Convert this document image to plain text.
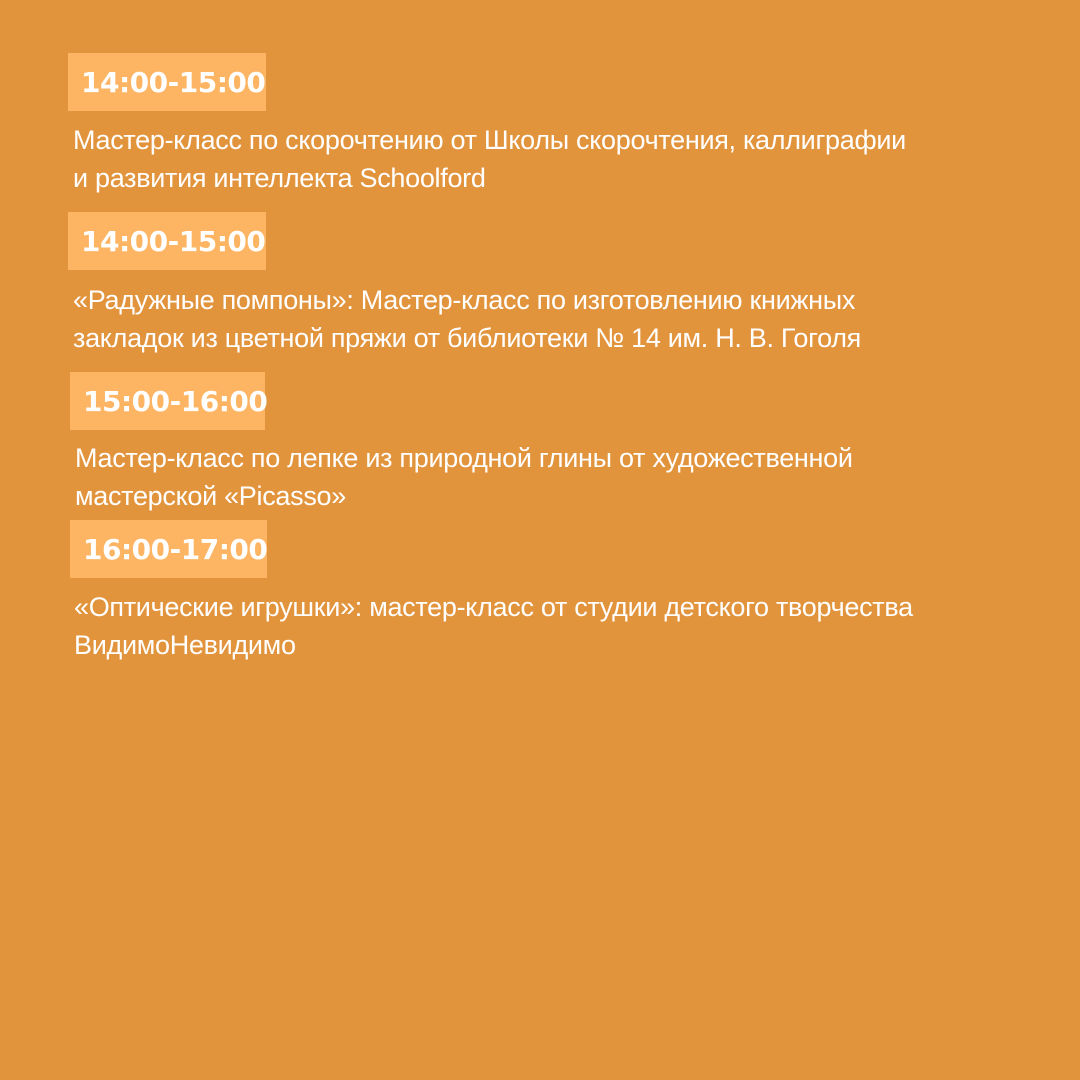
14:00-15:00

Мастер-класс по скорочтению от Школы скорочтения, каллиграфии
и развития интеллекта Schoolford

14:00-15:00

«Радужные помпоны»: Мастер-класс по изготовлению книжных
закладок из цветной пряжи от библиотеки № 14 им. Н. В. Гоголя

15:00-16:00

Мастер-класс по лепке из природной глины от художественной
мастерской «Picasso»

16:00-17:00

«Оптические игрушки»: мастер-класс от студии детского творчества
ВидимоНевидимо
